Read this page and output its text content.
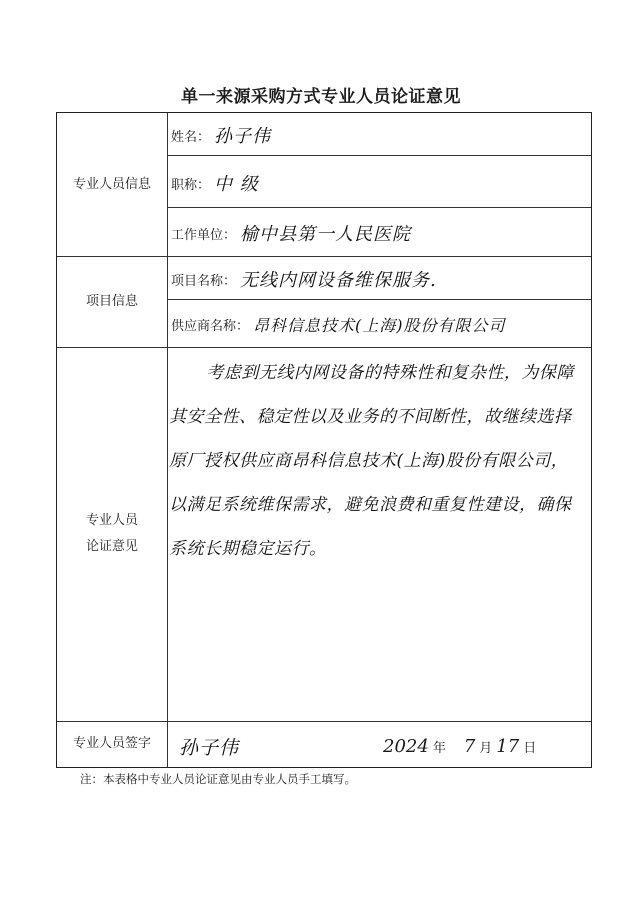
单一来源采购方式专业人员论证意见
专业人员信息
姓名： 孙子伟
职称： 中 级
工作单位： 榆中县第一人民医院
项目信息
项目名称： 无线内网设备维保服务.
供应商名称： 昂科信息技术(上海)股份有限公司
专业人员
论证意见
考虑到无线内网设备的特殊性和复杂性，为保障其安全性、稳定性以及业务的不间断性，故继续选择原厂授权供应商昂科信息技术(上海)股份有限公司，以满足系统维保需求，避免浪费和重复性建设，确保系统长期稳定运行。
专业人员签字 孙子伟	2024 年 7 月 17 日
注：本表格中专业人员论证意见由专业人员手工填写。
